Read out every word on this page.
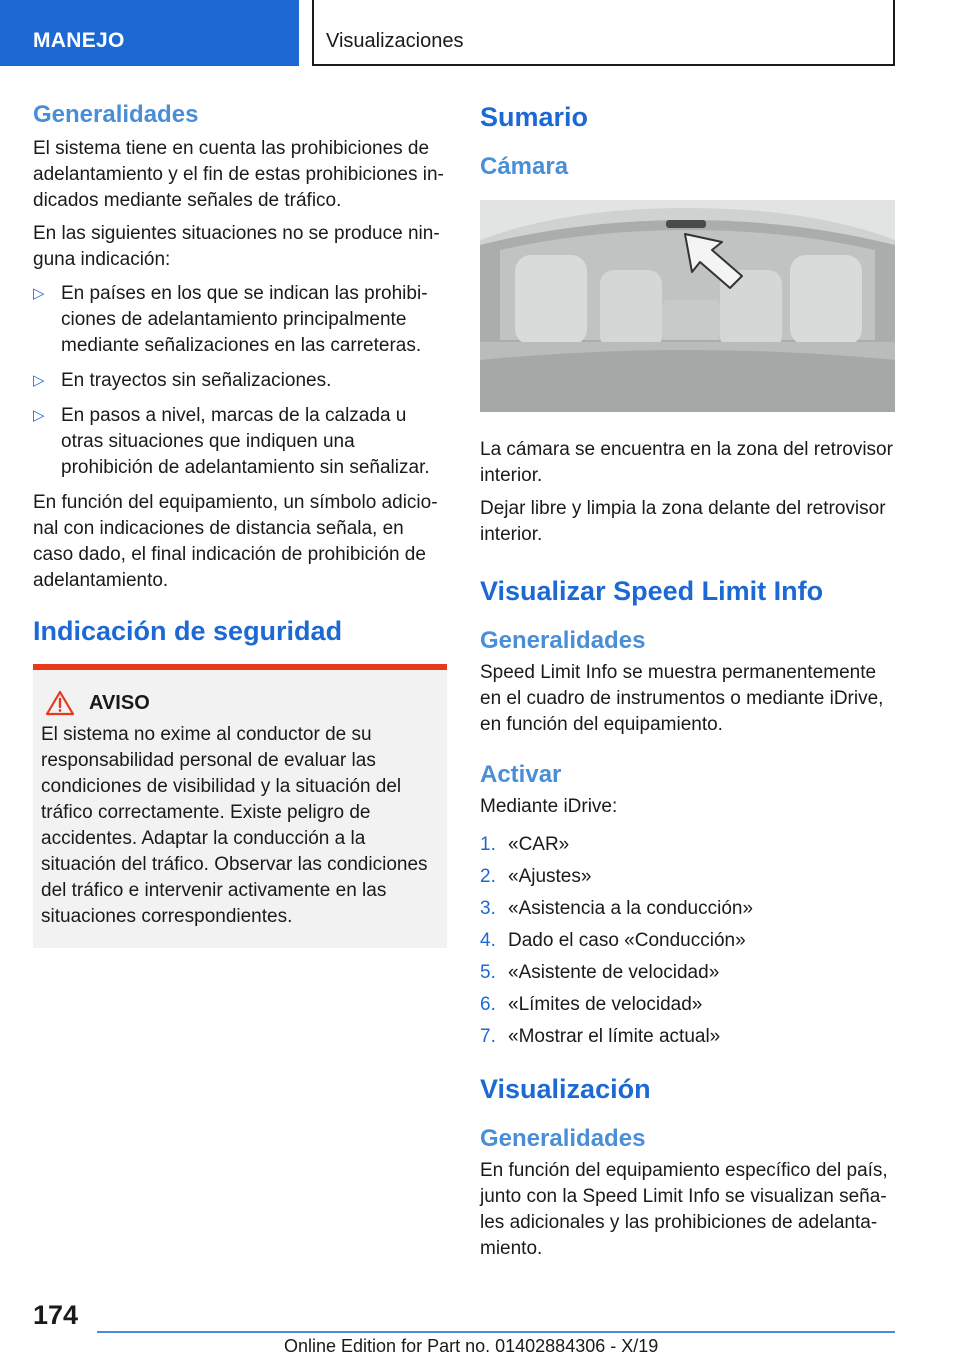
MANEJO	Visualizaciones
Generalidades

El sistema tiene en cuenta las prohibiciones de adelantamiento y el fin de estas prohibiciones indicados mediante señales de tráfico.

En las siguientes situaciones no se produce ninguna indicación:

▷ En países en los que se indican las prohibiciones de adelantamiento principalmente mediante señalizaciones en las carreteras.
▷ En trayectos sin señalizaciones.
▷ En pasos a nivel, marcas de la calzada u otras situaciones que indiquen una prohibición de adelantamiento sin señalizar.

En función del equipamiento, un símbolo adicional con indicaciones de distancia señala, en caso dado, el final indicación de prohibición de adelantamiento.

Indicación de seguridad
AVISO

El sistema no exime al conductor de su responsabilidad personal de evaluar las condiciones de visibilidad y la situación del tráfico correctamente. Existe peligro de accidentes. Adaptar la conducción a la situación del tráfico. Observar las condiciones del tráfico e intervenir activamente en las situaciones correspondientes.

Sumario
Cámara

La cámara se encuentra en la zona del retrovisor interior.

Dejar libre y limpia la zona delante del retrovisor interior.

Visualizar Speed Limit Info
Generalidades

Speed Limit Info se muestra permanentemente en el cuadro de instrumentos o mediante iDrive, en función del equipamiento.

Activar

Mediante iDrive:

1. «CAR»
2. «Ajustes»
3. «Asistencia a la conducción»
4. Dado el caso «Conducción»
5. «Asistente de velocidad»
6. «Límites de velocidad»
7. «Mostrar el límite actual»
Visualización
Generalidades

En función del equipamiento específico del país, junto con la Speed Limit Info se visualizan señales adicionales y las prohibiciones de adelantamiento.

174
Online Edition for Part no. 01402884306 - X/19
